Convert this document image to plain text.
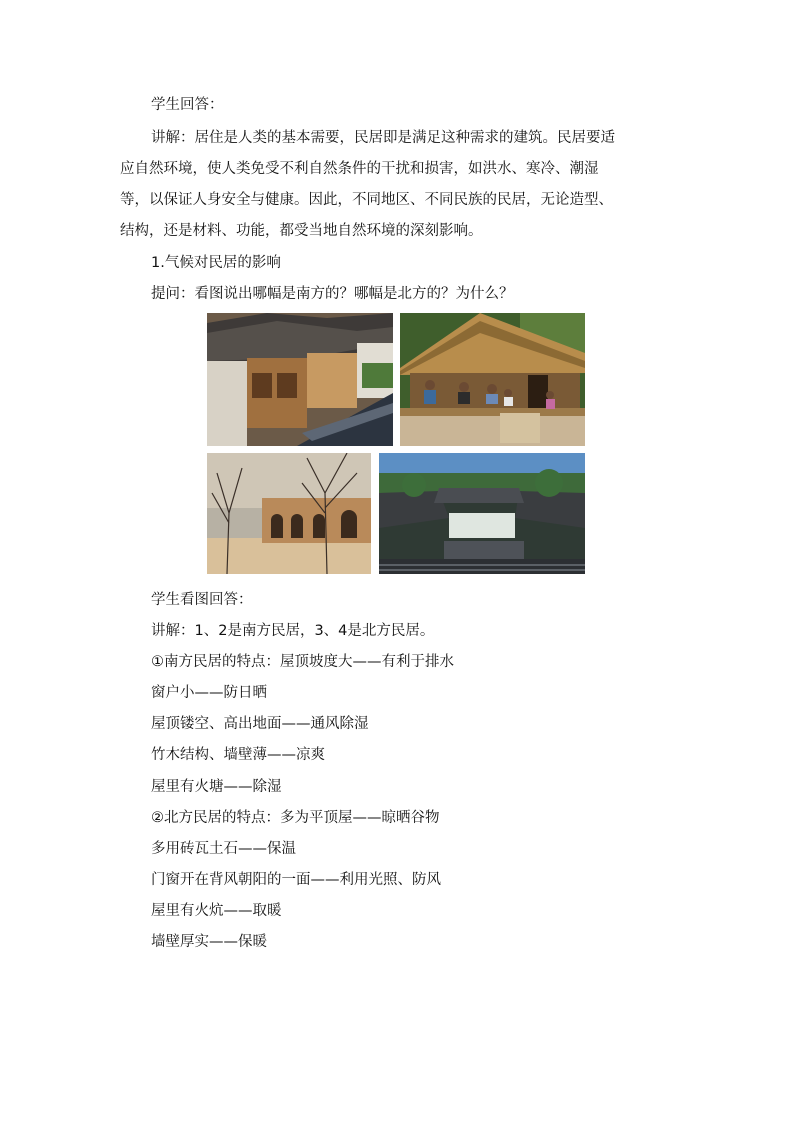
学生回答：
讲解：居住是人类的基本需要，民居即是满足这种需求的建筑。民居要适
应自然环境，使人类免受不利自然条件的干扰和损害，如洪水、寒冷、潮湿
等，以保证人身安全与健康。因此，不同地区、不同民族的民居，无论造型、
结构，还是材料、功能，都受当地自然环境的深刻影响。
1.气候对民居的影响
提问：看图说出哪幅是南方的？哪幅是北方的？为什么？
学生看图回答：
讲解：1、2是南方民居，3、4是北方民居。
①南方民居的特点：屋顶坡度大——有利于排水
窗户小——防日晒
屋顶镂空、高出地面——通风除湿
竹木结构、墙壁薄——凉爽
屋里有火塘——除湿
②北方民居的特点：多为平顶屋——晾晒谷物
多用砖瓦土石——保温
门窗开在背风朝阳的一面——利用光照、防风
屋里有火炕——取暖
墙壁厚实——保暖
